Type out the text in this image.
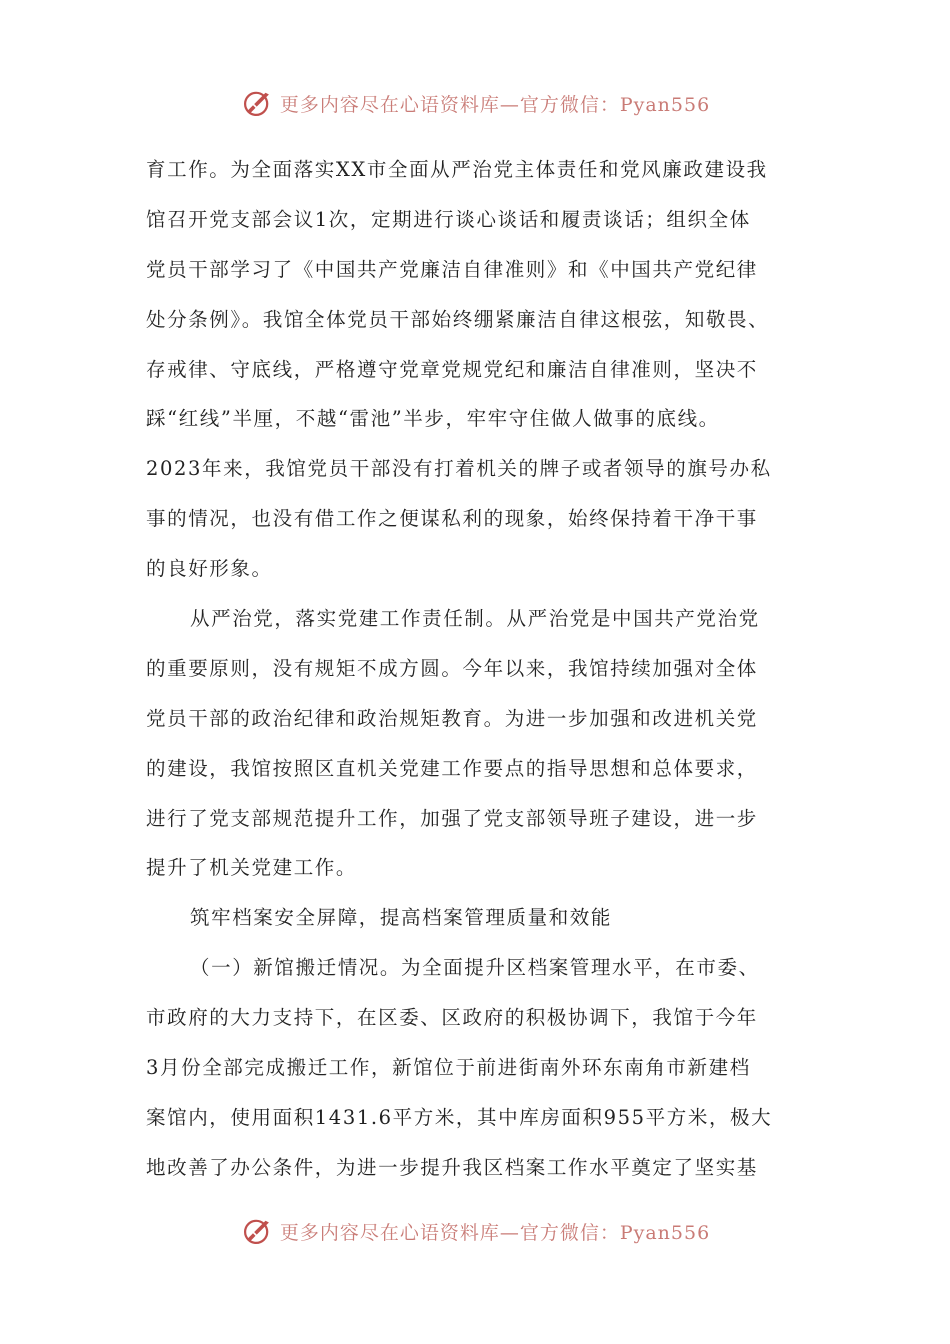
更多内容尽在心语资料库—官方微信：Pyan556
育工作。为全面落实XX市全面从严治党主体责任和党风廉政建设我
馆召开党支部会议1次，定期进行谈心谈话和履责谈话；组织全体
党员干部学习了《中国共产党廉洁自律准则》和《中国共产党纪律
处分条例》。我馆全体党员干部始终绷紧廉洁自律这根弦，知敬畏、
存戒律、守底线，严格遵守党章党规党纪和廉洁自律准则，坚决不
踩“红线”半厘，不越“雷池”半步，牢牢守住做人做事的底线。
2023年来，我馆党员干部没有打着机关的牌子或者领导的旗号办私
事的情况，也没有借工作之便谋私利的现象，始终保持着干净干事
的良好形象。
从严治党，落实党建工作责任制。从严治党是中国共产党治党
的重要原则，没有规矩不成方圆。今年以来，我馆持续加强对全体
党员干部的政治纪律和政治规矩教育。为进一步加强和改进机关党
的建设，我馆按照区直机关党建工作要点的指导思想和总体要求，
进行了党支部规范提升工作，加强了党支部领导班子建设，进一步
提升了机关党建工作。
筑牢档案安全屏障，提高档案管理质量和效能
（一）新馆搬迁情况。为全面提升区档案管理水平，在市委、
市政府的大力支持下，在区委、区政府的积极协调下，我馆于今年
3月份全部完成搬迁工作，新馆位于前进街南外环东南角市新建档
案馆内，使用面积1431.6平方米，其中库房面积955平方米，极大
地改善了办公条件，为进一步提升我区档案工作水平奠定了坚实基
更多内容尽在心语资料库—官方微信：Pyan556
